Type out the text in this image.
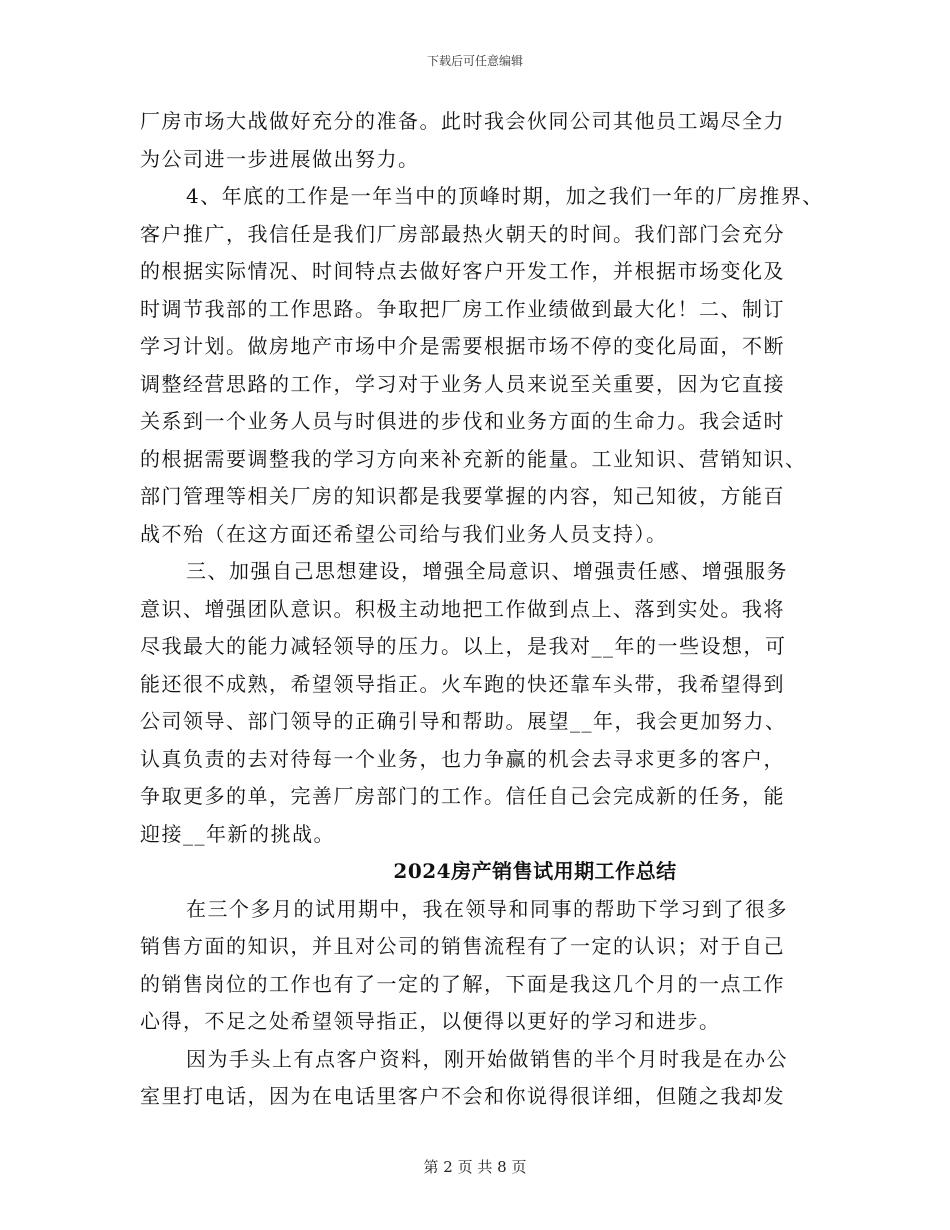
下载后可任意编辑
厂房市场大战做好充分的准备。此时我会伙同公司其他员工竭尽全力
为公司进一步进展做出努力。
4、年底的工作是一年当中的顶峰时期，加之我们一年的厂房推界、
客户推广，我信任是我们厂房部最热火朝天的时间。我们部门会充分
的根据实际情况、时间特点去做好客户开发工作，并根据市场变化及
时调节我部的工作思路。争取把厂房工作业绩做到最大化！二、制订
学习计划。做房地产市场中介是需要根据市场不停的变化局面，不断
调整经营思路的工作，学习对于业务人员来说至关重要，因为它直接
关系到一个业务人员与时俱进的步伐和业务方面的生命力。我会适时
的根据需要调整我的学习方向来补充新的能量。工业知识、营销知识、
部门管理等相关厂房的知识都是我要掌握的内容，知己知彼，方能百
战不殆（在这方面还希望公司给与我们业务人员支持）。
三、加强自己思想建设，增强全局意识、增强责任感、增强服务
意识、增强团队意识。积极主动地把工作做到点上、落到实处。我将
尽我最大的能力减轻领导的压力。以上，是我对__年的一些设想，可
能还很不成熟，希望领导指正。火车跑的快还靠车头带，我希望得到
公司领导、部门领导的正确引导和帮助。展望__年，我会更加努力、
认真负责的去对待每一个业务，也力争赢的机会去寻求更多的客户，
争取更多的单，完善厂房部门的工作。信任自己会完成新的任务，能
迎接__年新的挑战。
2024房产销售试用期工作总结
在三个多月的试用期中，我在领导和同事的帮助下学习到了很多
销售方面的知识，并且对公司的销售流程有了一定的认识；对于自己
的销售岗位的工作也有了一定的了解，下面是我这几个月的一点工作
心得，不足之处希望领导指正，以便得以更好的学习和进步。
因为手头上有点客户资料，刚开始做销售的半个月时我是在办公
室里打电话，因为在电话里客户不会和你说得很详细，但随之我却发
第 2 页 共 8 页
